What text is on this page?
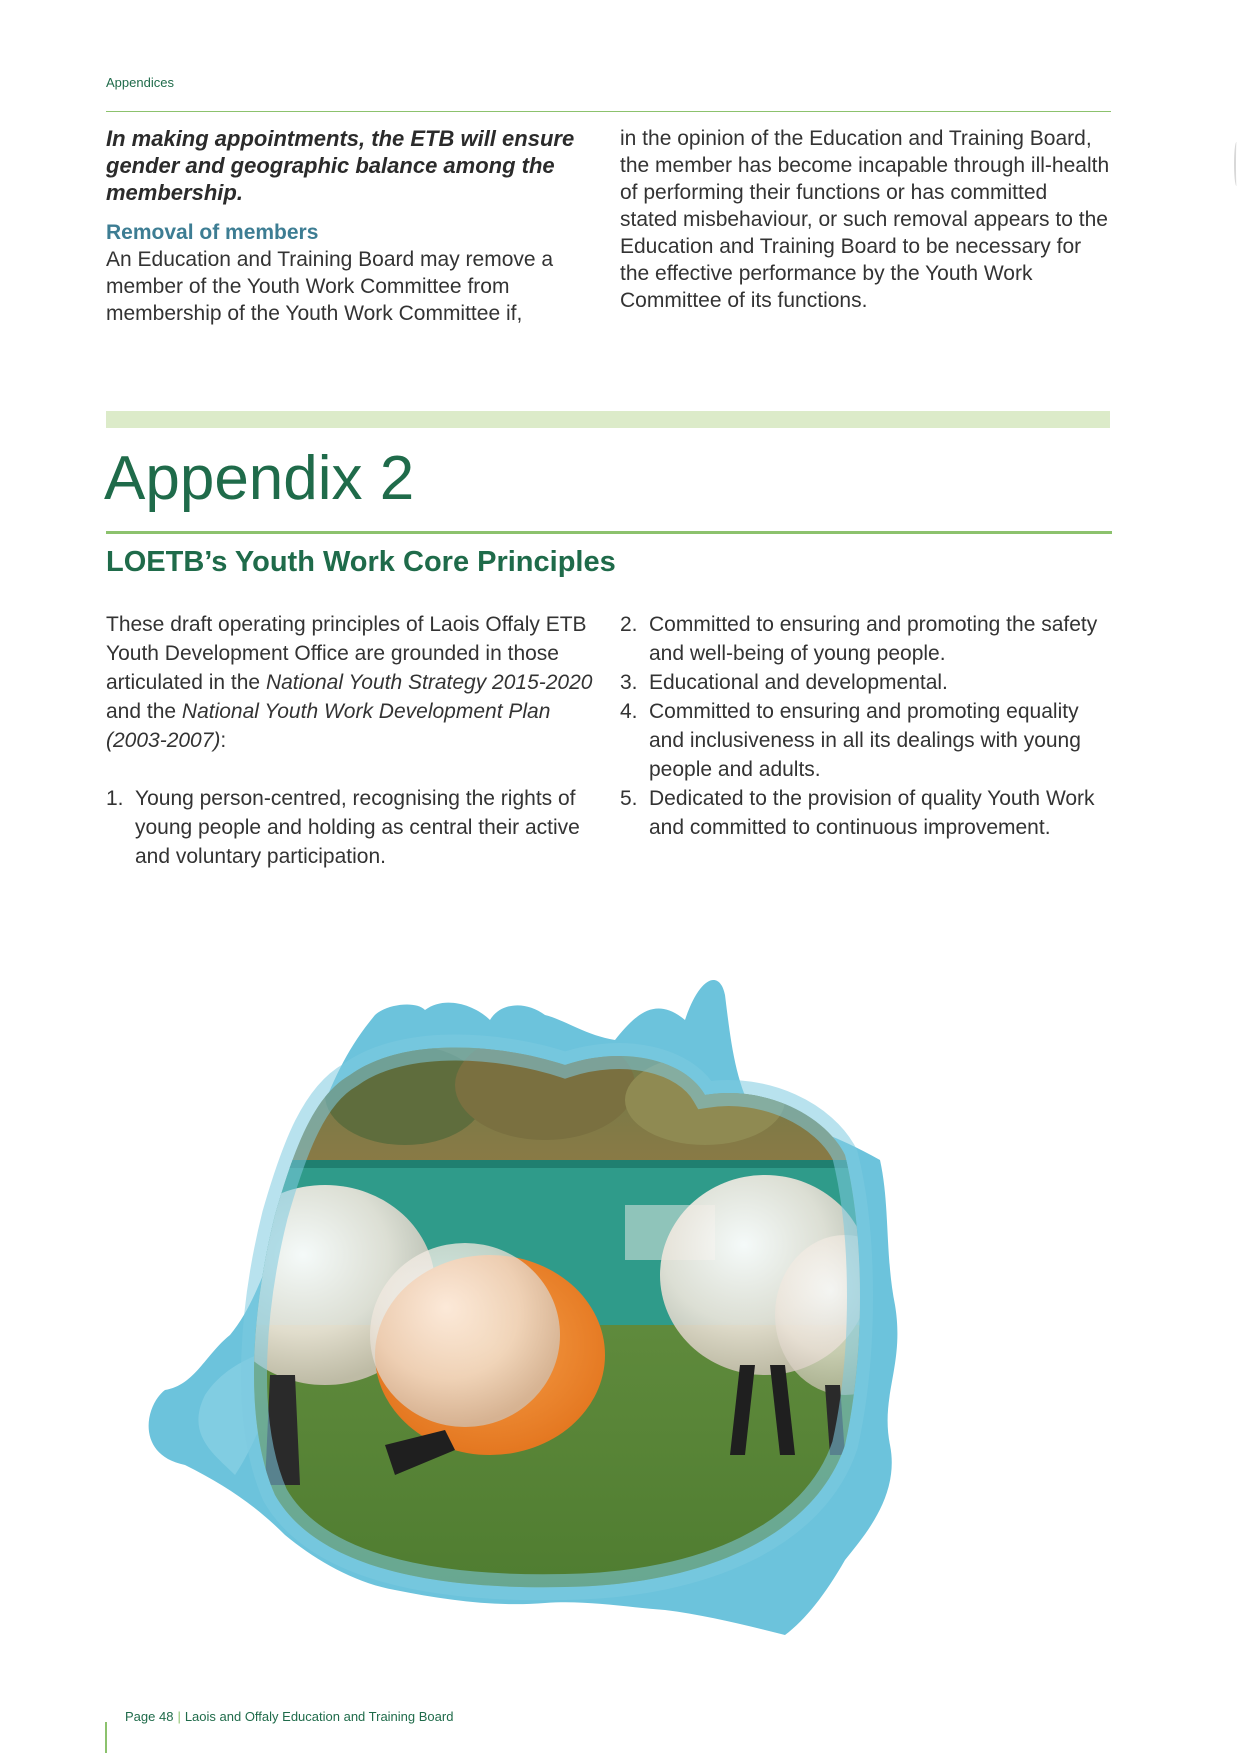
Appendices

In making appointments, the ETB will ensure gender and geographic balance among the membership.

Removal of members

An Education and Training Board may remove a member of the Youth Work Committee from membership of the Youth Work Committee if,

in the opinion of the Education and Training Board, the member has become incapable through ill-health of performing their functions or has committed stated misbehaviour, or such removal appears to the Education and Training Board to be necessary for the effective performance by the Youth Work Committee of its functions.

Appendix 2
LOETB’s Youth Work Core Principles

These draft operating principles of Laois Offaly ETB Youth Development Office are grounded in those articulated in the National Youth Strategy 2015-2020 and the National Youth Work Development Plan (2003-2007):

1. Young person-centred, recognising the rights of young people and holding as central their active and voluntary participation.
2. Committed to ensuring and promoting the safety and well-being of young people.
3. Educational and developmental.
4. Committed to ensuring and promoting equality and inclusiveness in all its dealings with young people and adults.
5. Dedicated to the provision of quality Youth Work and committed to continuous improvement.
Page 48 | Laois and Offaly Education and Training Board
